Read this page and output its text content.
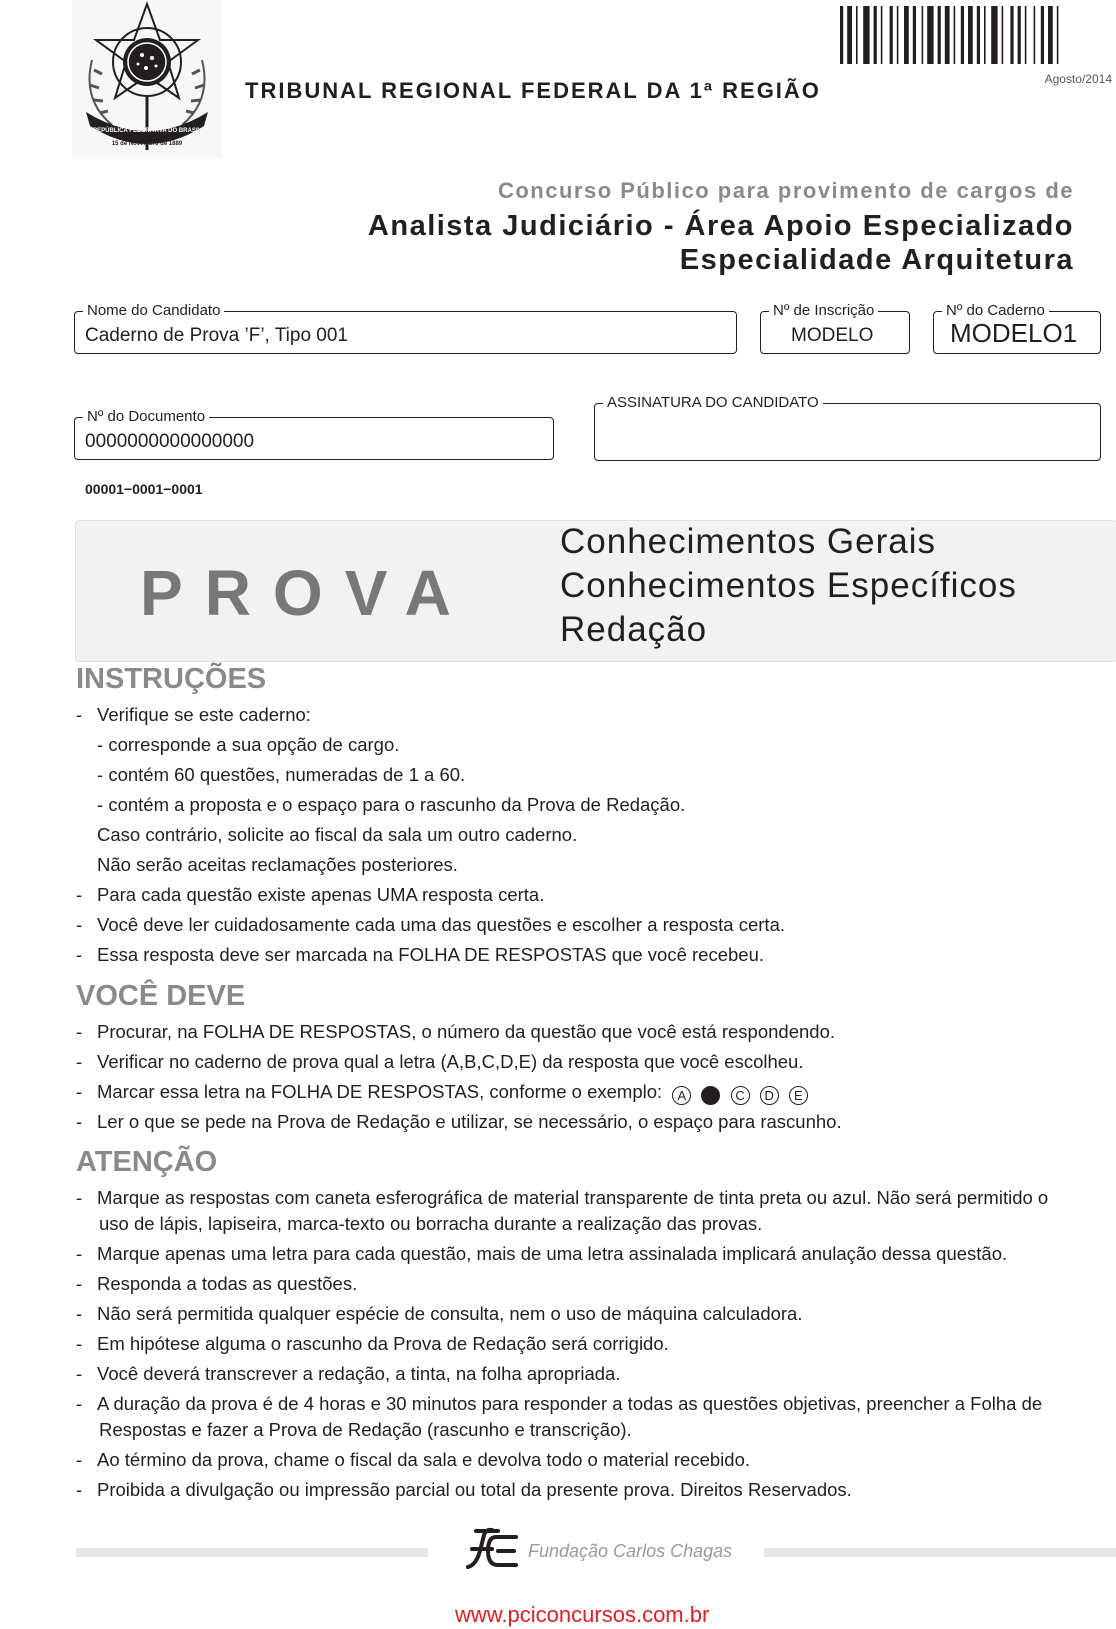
REPÚBLICA FEDERATIVA DO BRASIL
15 de Novembro de 1889
TRIBUNAL REGIONAL FEDERAL DA 1ª REGIÃO	Agosto/2014
Concurso Público para provimento de cargos de
Analista Judiciário - Área Apoio Especializado
Especialidade Arquitetura
Nome do Candidato
Caderno de Prova ’F’, Tipo 001
Nº de Inscrição
MODELO
Nº do Caderno
MODELO1
Nº do Documento
0000000000000000
ASSINATURA DO CANDIDATO
00001−0001−0001
PROVA
Conhecimentos Gerais
Conhecimentos Específicos
Redação
INSTRUÇÕES
- Verifique se este caderno:
- corresponde a sua opção de cargo.
- contém 60 questões, numeradas de 1 a 60.
- contém a proposta e o espaço para o rascunho da Prova de Redação.
Caso contrário, solicite ao fiscal da sala um outro caderno.
Não serão aceitas reclamações posteriores.
- Para cada questão existe apenas UMA resposta certa.
- Você deve ler cuidadosamente cada uma das questões e escolher a resposta certa.
- Essa resposta deve ser marcada na FOLHA DE RESPOSTAS que você recebeu.
VOCÊ DEVE
- Procurar, na FOLHA DE RESPOSTAS, o número da questão que você está respondendo.
- Verificar no caderno de prova qual a letra (A,B,C,D,E) da resposta que você escolheu.
- Marcar essa letra na FOLHA DE RESPOSTAS, conforme o exemplo: A B C D E
- Ler o que se pede na Prova de Redação e utilizar, se necessário, o espaço para rascunho.
ATENÇÃO
- Marque as respostas com caneta esferográfica de material transparente de tinta preta ou azul. Não será permitido o
uso de lápis, lapiseira, marca-texto ou borracha durante a realização das provas.
- Marque apenas uma letra para cada questão, mais de uma letra assinalada implicará anulação dessa questão.
- Responda a todas as questões.
- Não será permitida qualquer espécie de consulta, nem o uso de máquina calculadora.
- Em hipótese alguma o rascunho da Prova de Redação será corrigido.
- Você deverá transcrever a redação, a tinta, na folha apropriada.
- A duração da prova é de 4 horas e 30 minutos para responder a todas as questões objetivas, preencher a Folha de
Respostas e fazer a Prova de Redação (rascunho e transcrição).
- Ao término da prova, chame o fiscal da sala e devolva todo o material recebido.
- Proibida a divulgação ou impressão parcial ou total da presente prova. Direitos Reservados.
Fundação Carlos Chagas
www.pciconcursos.com.br
